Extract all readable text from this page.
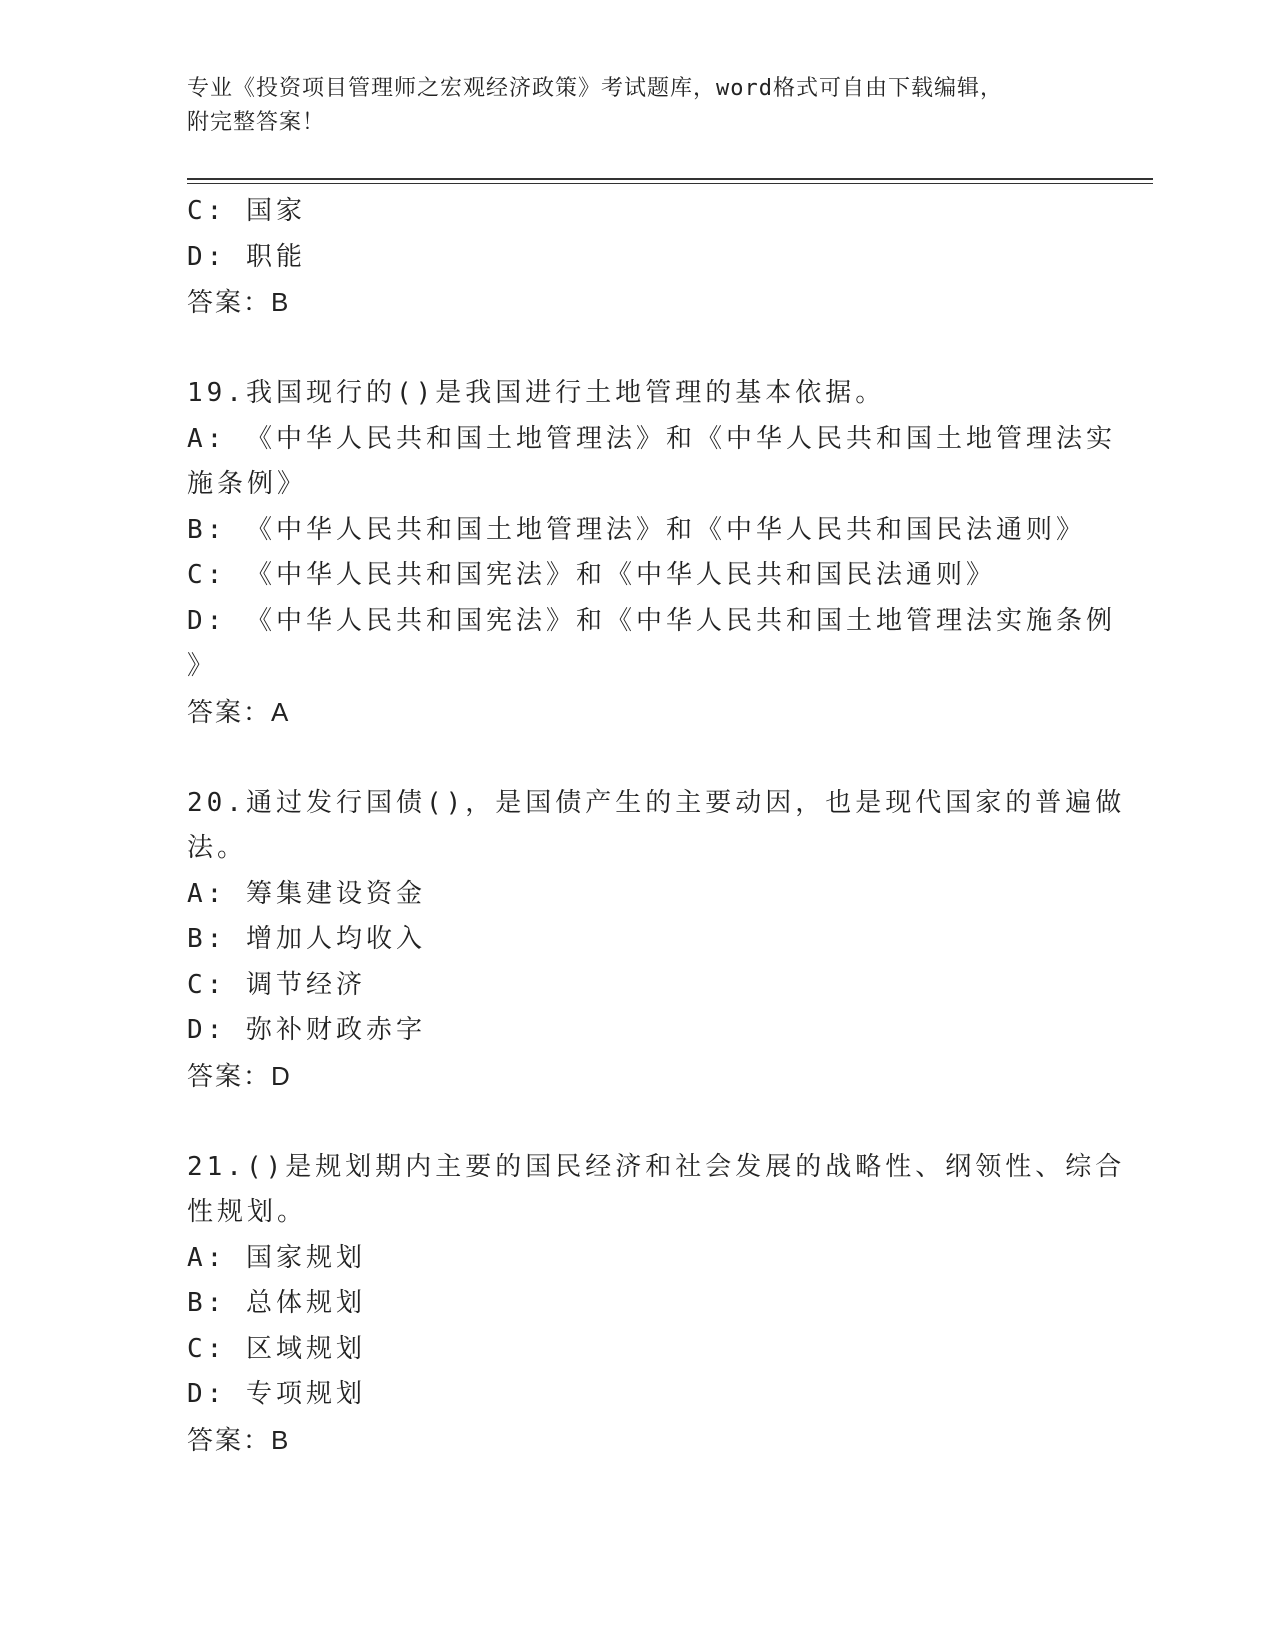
专业《投资项目管理师之宏观经济政策》考试题库，word格式可自由下载编辑，
附完整答案！
C: 国家
D: 职能
答案：B
19.我国现行的()是我国进行土地管理的基本依据。
A: 《中华人民共和国土地管理法》和《中华人民共和国土地管理法实
施条例》
B: 《中华人民共和国土地管理法》和《中华人民共和国民法通则》
C: 《中华人民共和国宪法》和《中华人民共和国民法通则》
D: 《中华人民共和国宪法》和《中华人民共和国土地管理法实施条例
》
答案：A
20.通过发行国债()，是国债产生的主要动因，也是现代国家的普遍做
法。
A: 筹集建设资金
B: 增加人均收入
C: 调节经济
D: 弥补财政赤字
答案：D
21.()是规划期内主要的国民经济和社会发展的战略性、纲领性、综合
性规划。
A: 国家规划
B: 总体规划
C: 区域规划
D: 专项规划
答案：B
